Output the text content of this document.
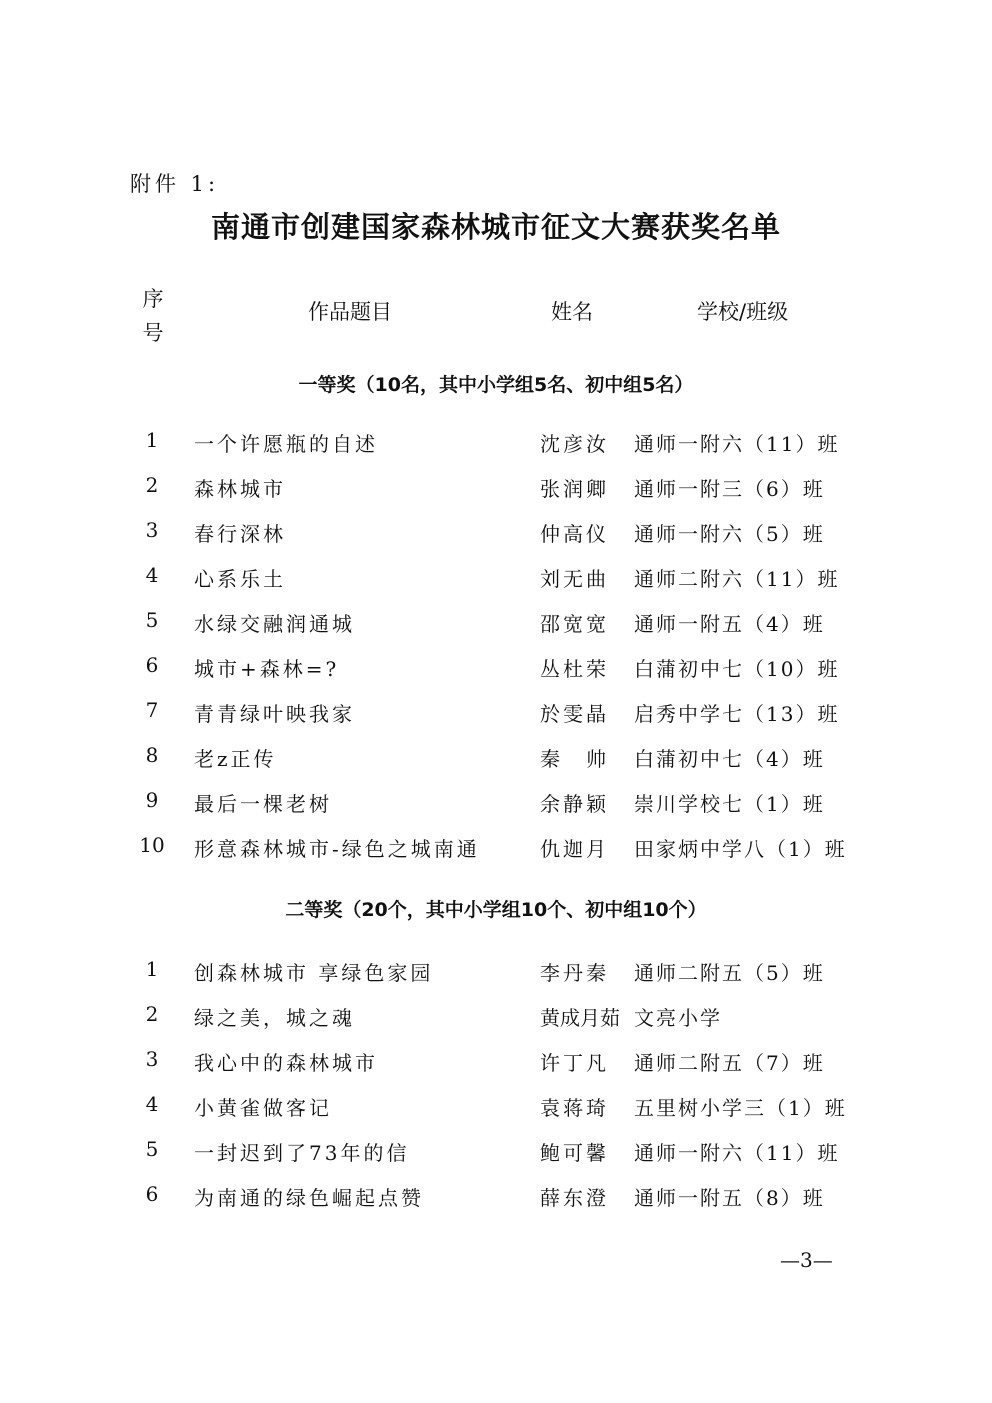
附件 1:
南通市创建国家森林城市征文大赛获奖名单
序
号
作品题目	姓名	学校/班级
一等奖（10名，其中小学组5名、初中组5名）
1	一个许愿瓶的自述	沈彦汝 通师一附六（11）班
2	森林城市	张润卿 通师一附三（6）班
3	春行深林	仲高仪 通师一附六（5）班
4	心系乐土	刘无曲 通师二附六（11）班
5	水绿交融润通城	邵宽宽 通师一附五（4）班
6	城市+森林=?	丛杜荣 白蒲初中七（10）班
7	青青绿叶映我家	於雯晶 启秀中学七（13）班
8	老z正传	秦　帅 白蒲初中七（4）班
9	最后一棵老树	余静颖 崇川学校七（1）班
10	形意森林城市-绿色之城南通	仇迦月 田家炳中学八（1）班
二等奖（20个，其中小学组10个、初中组10个）
1	创森林城市 享绿色家园	李丹秦 通师二附五（5）班
2	绿之美，城之魂	黄成月茹 文亮小学
3	我心中的森林城市	许丁凡 通师二附五（7）班
4	小黄雀做客记	袁蒋琦 五里树小学三（1）班
5	一封迟到了73年的信	鲍可馨 通师一附六（11）班
6	为南通的绿色崛起点赞	薛东澄 通师一附五（8）班
—3—
